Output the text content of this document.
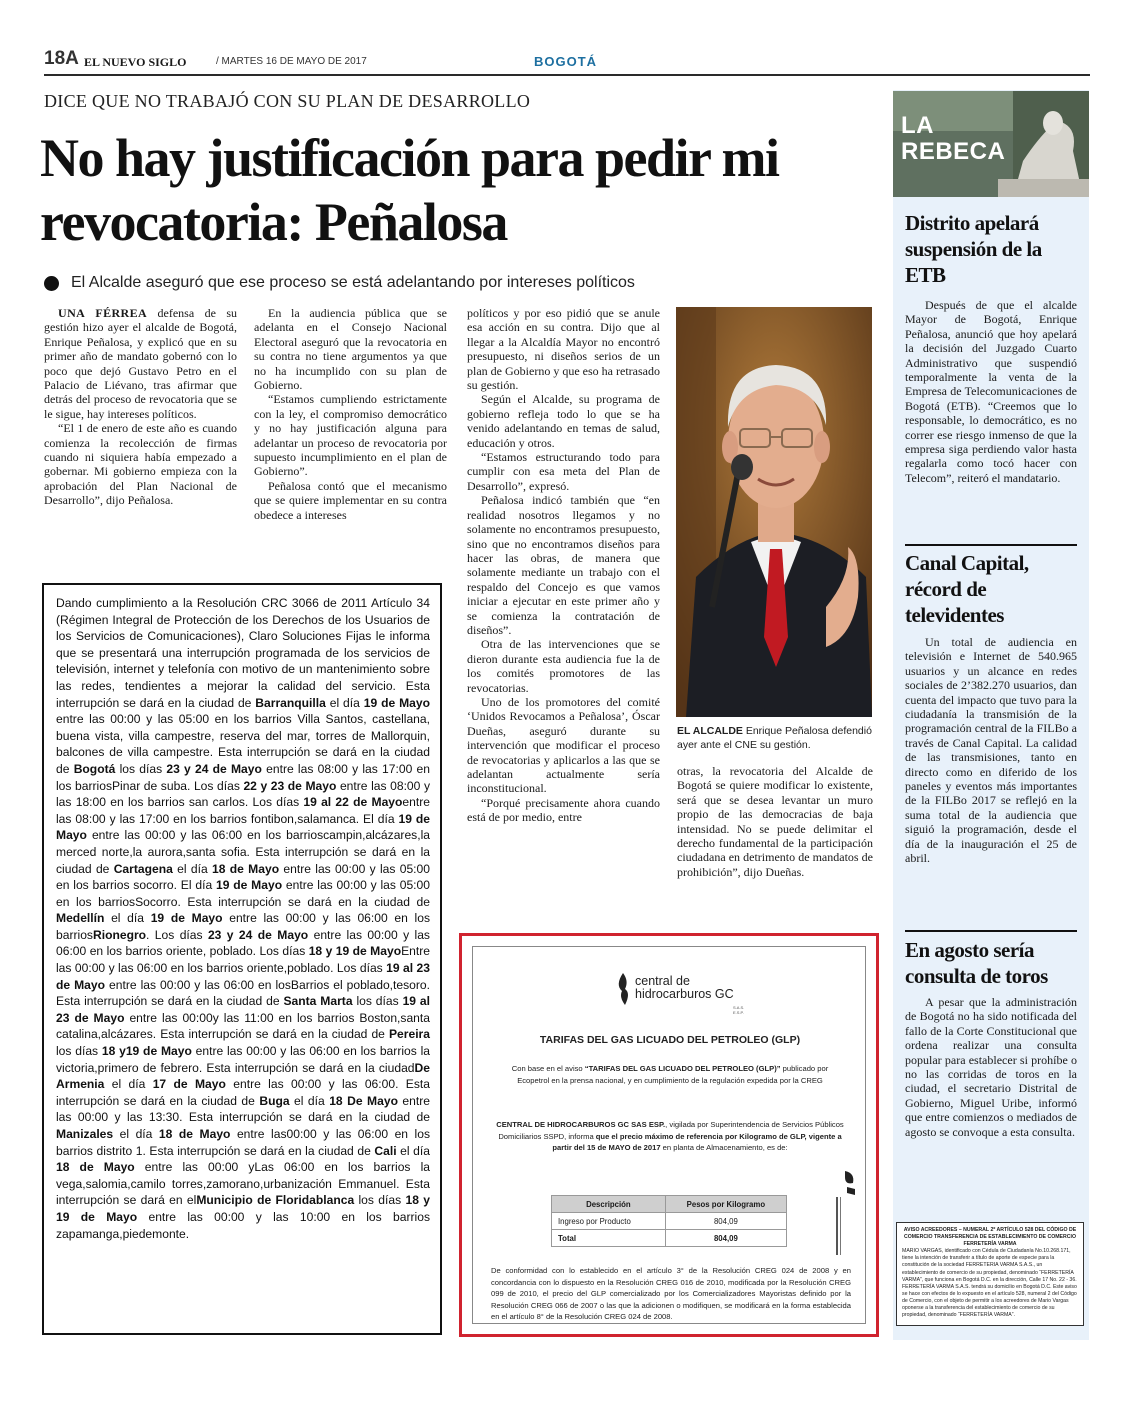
18A EL NUEVO SIGLO	/ MARTES 16 DE MAYO DE 2017	BOGOTÁ
DICE QUE NO TRABAJÓ CON SU PLAN DE DESARROLLO
No hay justificación para pedir mi revocatoria: Peñalosa
El Alcalde aseguró que ese proceso se está adelantando por intereses políticos

UNA FÉRREA defensa de su gestión hizo ayer el alcalde de Bogotá, Enrique Peñalosa, y explicó que en su primer año de mandato gobernó con lo poco que dejó Gustavo Petro en el Palacio de Liévano, tras afirmar que detrás del proceso de revocatoria que se le sigue, hay intereses políticos.

“El 1 de enero de este año es cuando comienza la recolección de firmas cuando ni siquiera había empezado a gobernar. Mi gobierno empieza con la aprobación del Plan Nacional de Desarrollo”, dijo Peñalosa.

En la audiencia pública que se adelanta en el Consejo Nacional Electoral aseguró que la revocatoria en su contra no tiene argumentos ya que no ha incumplido con su plan de Gobierno.

“Estamos cumpliendo estrictamente con la ley, el compromiso democrático y no hay justificación alguna para adelantar un proceso de revocatoria por supuesto incumplimiento en el plan de Gobierno”.

Peñalosa contó que el mecanismo que se quiere implementar en su contra obedece a intereses

políticos y por eso pidió que se anule esa acción en su contra. Dijo que al llegar a la Alcaldía Mayor no encontró presupuesto, ni diseños serios de un plan de Gobierno y que eso ha retrasado su gestión.

Según el Alcalde, su programa de gobierno refleja todo lo que se ha venido adelantando en temas de salud, educación y otros.

“Estamos estructurando todo para cumplir con esa meta del Plan de Desarrollo”, expresó.

Peñalosa indicó también que “en realidad nosotros llegamos y no solamente no encontramos presupuesto, sino que no encontramos diseños para hacer las obras, de manera que solamente mediante un trabajo con el respaldo del Concejo es que vamos iniciar a ejecutar en este primer año y se comienza la contratación de diseños”.

Otra de las intervenciones que se dieron durante esta audiencia fue la de los comités promotores de las revocatorias.

Uno de los promotores del comité ‘Unidos Revocamos a Peñalosa’, Óscar Dueñas, aseguró durante su intervención que modificar el proceso de revocatorias y aplicarlos a las que se adelantan actualmente sería inconstitucional.

“Porqué precisamente ahora cuando está de por medio, entre

EL ALCALDE Enrique Peñalosa defendió ayer ante el CNE su gestión.

otras, la revocatoria del Alcalde de Bogotá se quiere modificar lo existente, será que se desea levantar un muro propio de las democracias de baja intensidad. No se puede delimitar el derecho fundamental de la participación ciudadana en detrimento de mandatos de prohibición”, dijo Dueñas.

Dando cumplimiento a la Resolución CRC 3066 de 2011 Artículo 34 (Régimen Integral de Protección de los Derechos de los Usuarios de los Servicios de Comunicaciones), Claro Soluciones Fijas le informa que se presentará una interrupción programada de los servicios de televisión, internet y telefonía con motivo de un mantenimiento sobre las redes, tendientes a mejorar la calidad del servicio. Esta interrupción se dará en la ciudad de Barranquilla el día 19 de Mayo entre las 00:00 y las 05:00 en los barrios Villa Santos, castellana, buena vista, villa campestre, reserva del mar, torres de Mallorquin, balcones de villa campestre. Esta interrupción se dará en la ciudad de Bogotá los días 23 y 24 de Mayo entre las 08:00 y las 17:00 en los barriosPinar de suba. Los días 22 y 23 de Mayo entre las 08:00 y las 18:00 en los barrios san carlos. Los días 19 al 22 de Mayoentre las 08:00 y las 17:00 en los barrios fontibon,salamanca. El día 19 de Mayo entre las 00:00 y las 06:00 en los barrioscampin,alcázares,la merced norte,la aurora,santa sofia. Esta interrupción se dará en la ciudad de Cartagena el día 18 de Mayo entre las 00:00 y las 05:00 en los barrios socorro. El día 19 de Mayo entre las 00:00 y las 05:00 en los barriosSocorro. Esta interrupción se dará en la ciudad de Medellín el día 19 de Mayo entre las 00:00 y las 06:00 en los barriosRionegro. Los días 23 y 24 de Mayo entre las 00:00 y las 06:00 en los barrios oriente, poblado. Los días 18 y 19 de MayoEntre las 00:00 y las 06:00 en los barrios oriente,poblado. Los días 19 al 23 de Mayo entre las 00:00 y las 06:00 en losBarrios el poblado,tesoro. Esta interrupción se dará en la ciudad de Santa Marta los días 19 al 23 de Mayo entre las 00:00y las 11:00 en los barrios Boston,santa catalina,alcázares. Esta interrupción se dará en la ciudad de Pereira los días 18 y19 de Mayo entre las 00:00 y las 06:00 en los barrios la victoria,primero de febrero. Esta interrupción se dará en la ciudadDe Armenia el día 17 de Mayo entre las 00:00 y las 06:00. Esta interrupción se dará en la ciudad de Buga el día 18 De Mayo entre las 00:00 y las 13:30. Esta interrupción se dará en la ciudad de Manizales el día 18 de Mayo entre las00:00 y las 06:00 en los barrios distrito 1. Esta interrupción se dará en la ciudad de Cali el día 18 de Mayo entre las 00:00 yLas 06:00 en los barrios la vega,salomia,camilo torres,zamorano,urbanización Emmanuel. Esta interrupción se dará en elMunicipio de Floridablanca los días 18 y 19 de Mayo entre las 00:00 y las 10:00 en los barrios zapamanga,piedemonte.
central de
hidrocarburos GC
S.A.S. E.S.P.
TARIFAS DEL GAS LICUADO DEL PETROLEO (GLP)
Con base en el aviso “TARIFAS DEL GAS LICUADO DEL PETROLEO (GLP)” publicado por Ecopetrol en la prensa nacional, y en cumplimiento de la regulación expedida por la CREG
CENTRAL DE HIDROCARBUROS GC SAS ESP., vigilada por Superintendencia de Servicios Públicos Domiciliarios SSPD, informa que el precio máximo de referencia por Kilogramo de GLP, vigente a partir del 15 de MAYO de 2017 en planta de Almacenamiento, es de:
Descripción	Pesos por Kilogramo
Ingreso por Producto	804,09
Total	804,09
De conformidad con lo establecido en el artículo 3° de la Resolución CREG 024 de 2008 y en concordancia con lo dispuesto en la Resolución CREG 016 de 2010, modificada por la Resolución CREG 099 de 2010, el precio del GLP comercializado por los Comercializadores Mayoristas definido por la Resolución CREG 066 de 2007 o las que la adicionen o modifiquen, se modificará en la forma establecida en el artículo 8° de la Resolución CREG 024 de 2008.
LA REBECA
Distrito apelará suspensión de la ETB
Después de que el alcalde Mayor de Bogotá, Enrique Peñalosa, anunció que hoy apelará la decisión del Juzgado Cuarto Administrativo que suspendió temporalmente la venta de la Empresa de Telecomunicaciones de Bogotá (ETB). “Creemos que lo responsable, lo democrático, es no correr ese riesgo inmenso de que la empresa siga perdiendo valor hasta regalarla como tocó hacer con Telecom”, reiteró el mandatario.
Canal Capital, récord de televidentes
Un total de audiencia en televisión e Internet de 540.965 usuarios y un alcance en redes sociales de 2’382.270 usuarios, dan cuenta del impacto que tuvo para la ciudadanía la transmisión de la programación central de la FILBo a través de Canal Capital. La calidad de las transmisiones, tanto en directo como en diferido de los paneles y eventos más importantes de la FILBo 2017 se reflejó en la suma total de la audiencia que siguió la programación, desde el día de la inauguración el 25 de abril.
En agosto sería consulta de toros
A pesar que la administración de Bogotá no ha sido notificada del fallo de la Corte Constitucional que ordena realizar una consulta popular para establecer si prohíbe o no las corridas de toros en la ciudad, el secretario Distrital de Gobierno, Miguel Uribe, informó que entre comienzos o mediados de agosto se convoque a esta consulta.
AVISO ACREEDORES – NUMERAL 2º ARTÍCULO 528 DEL CÓDIGO DE COMERCIO TRANSFERENCIA DE ESTABLECIMIENTO DE COMERCIO FERRETERÍA VARMA
MARIO VARGAS, identificado con Cédula de Ciudadanía No.10.268.171, tiene la intención de transferir a título de aporte de especie para la constitución de la sociedad FERRETERIA VARMA S.A.S., un establecimiento de comercio de su propiedad, denominado “FERRETERÍA VARMA”, que funciona en Bogotá D.C. en la dirección, Calle 17 No. 22 - 36. FERRETERÍA VARMA S.A.S. tendrá su domicilio en Bogotá D.C. Este aviso se hace con efectos de lo expuesto en el artículo 528, numeral 2 del Código de Comercio, con el objeto de permitir a los acreedores de Mario Vargas oponerse a la transferencia del establecimiento de comercio de su propiedad, denominado “FERRETERÍA VARMA”.
